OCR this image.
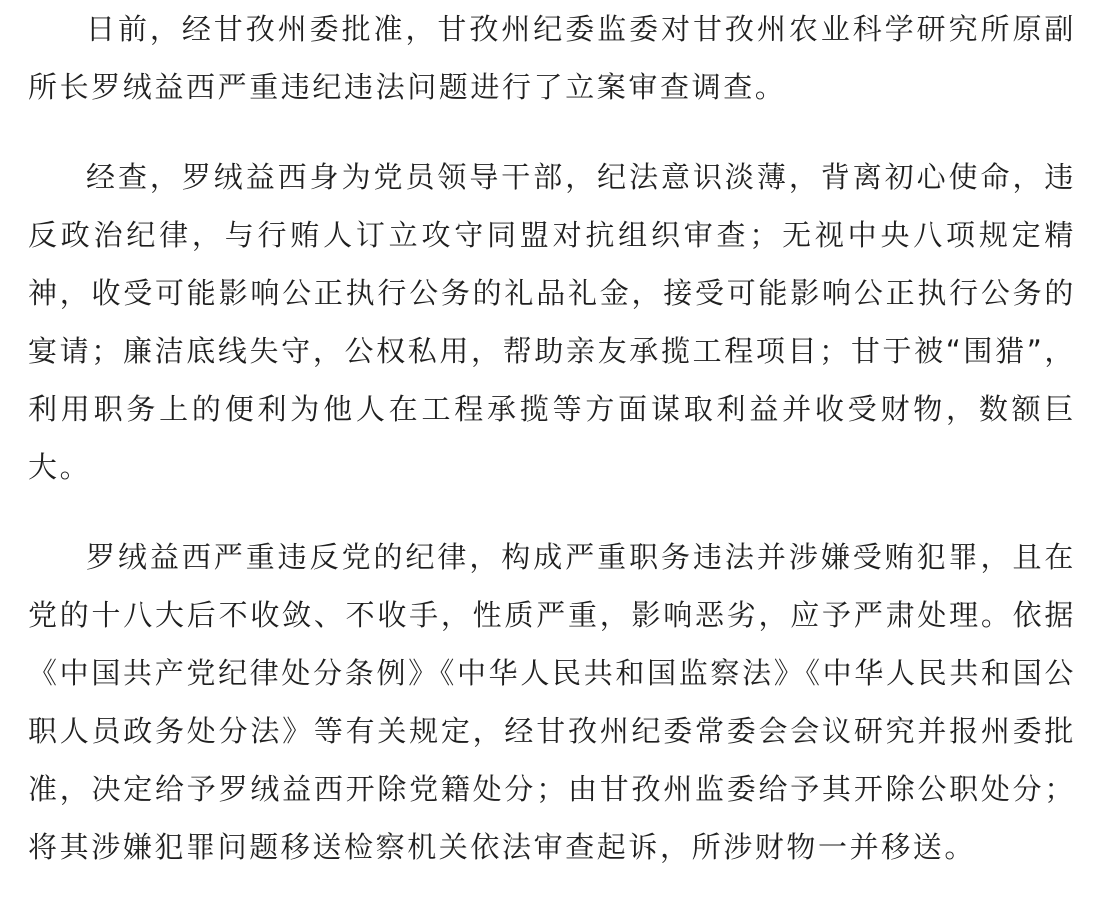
日前，经甘孜州委批准，甘孜州纪委监委对甘孜州农业科学研究所原副所长罗绒益西严重违纪违法问题进行了立案审查调查。

经查，罗绒益西身为党员领导干部，纪法意识淡薄，背离初心使命，违反政治纪律，与行贿人订立攻守同盟对抗组织审查；无视中央八项规定精神，收受可能影响公正执行公务的礼品礼金，接受可能影响公正执行公务的宴请；廉洁底线失守，公权私用，帮助亲友承揽工程项目；甘于被“围猎”，利用职务上的便利为他人在工程承揽等方面谋取利益并收受财物，数额巨大。

罗绒益西严重违反党的纪律，构成严重职务违法并涉嫌受贿犯罪，且在党的十八大后不收敛、不收手，性质严重，影响恶劣，应予严肃处理。依据《中国共产党纪律处分条例》《中华人民共和国监察法》《中华人民共和国公职人员政务处分法》等有关规定，经甘孜州纪委常委会会议研究并报州委批准，决定给予罗绒益西开除党籍处分；由甘孜州监委给予其开除公职处分；将其涉嫌犯罪问题移送检察机关依法审查起诉，所涉财物一并移送。
